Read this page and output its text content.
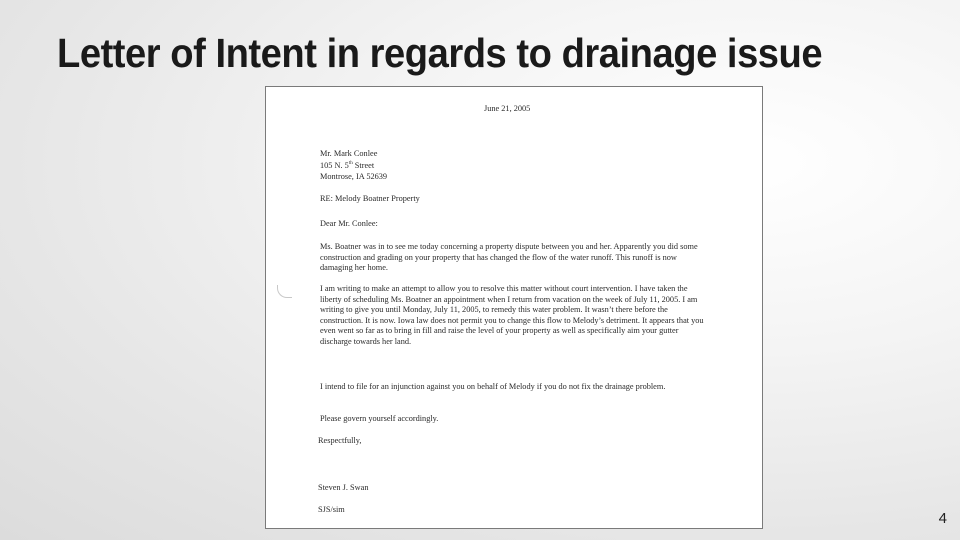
Letter of Intent in regards to drainage issue
June 21, 2005
Mr. Mark Conlee
105 N. 5th Street
Montrose, IA 52639
RE: Melody Boatner Property
Dear Mr. Conlee:

Ms. Boatner was in to see me today concerning a property dispute between you and her. Apparently you did some construction and grading on your property that has changed the flow of the water runoff. This runoff is now damaging her home.

I am writing to make an attempt to allow you to resolve this matter without court intervention. I have taken the liberty of scheduling Ms. Boatner an appointment when I return from vacation on the week of July 11, 2005. I am writing to give you until Monday, July 11, 2005, to remedy this water problem. It wasn’t there before the construction. It is now. Iowa law does not permit you to change this flow to Melody’s detriment. It appears that you even went so far as to bring in fill and raise the level of your property as well as specifically aim your gutter discharge towards her land.

I intend to file for an injunction against you on behalf of Melody if you do not fix the drainage problem.

Please govern yourself accordingly.

Respectfully,
Steven J. Swan
SJS/sim
4
